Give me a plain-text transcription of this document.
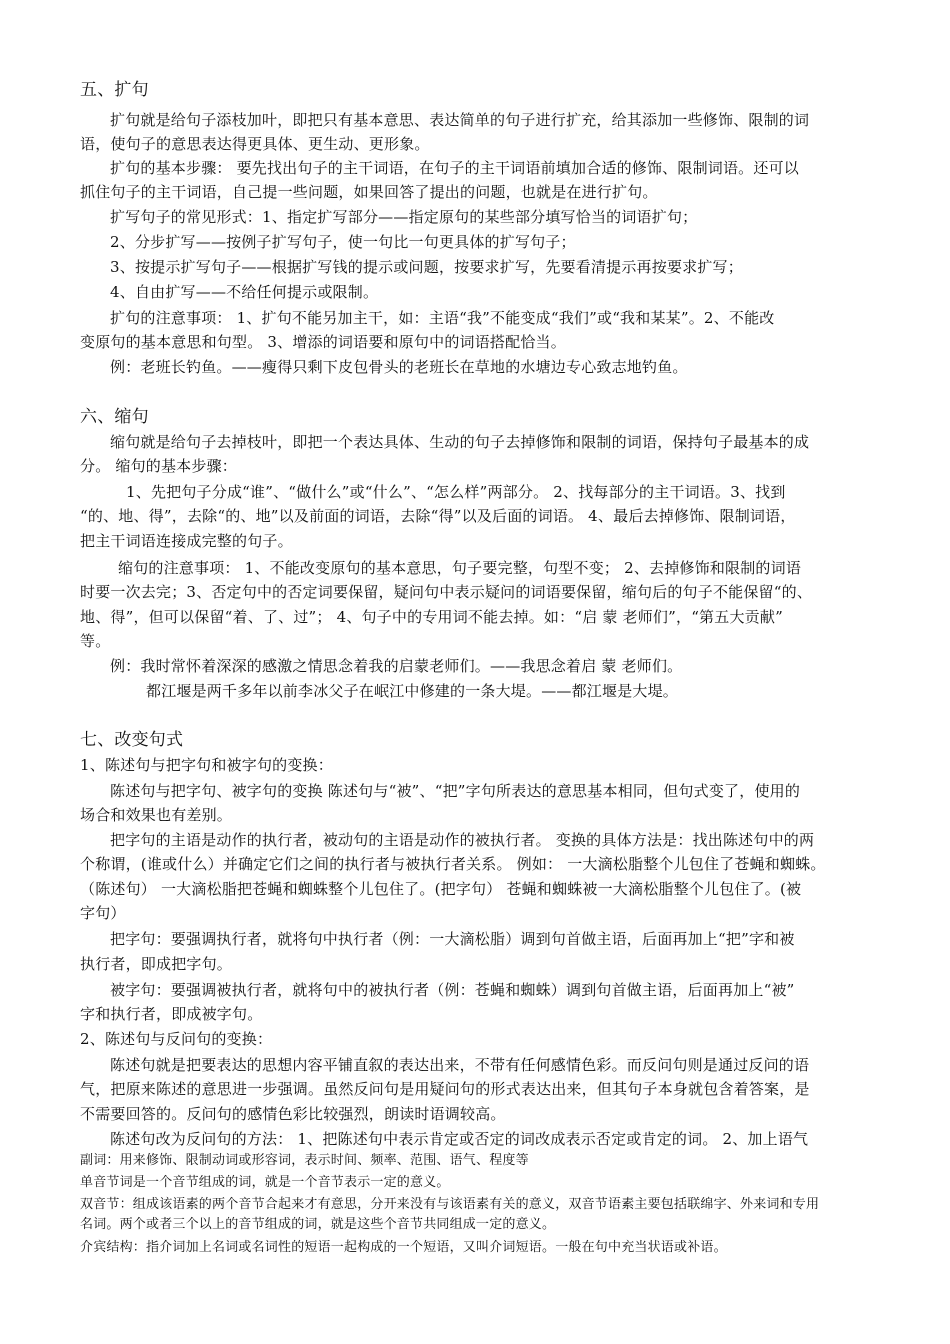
五、扩句
扩句就是给句子添枝加叶，即把只有基本意思、表达简单的句子进行扩充，给其添加一些修饰、限制的词
语，使句子的意思表达得更具体、更生动、更形象。
扩句的基本步骤： 要先找出句子的主干词语，在句子的主干词语前填加合适的修饰、限制词语。还可以
抓住句子的主干词语，自己提一些问题，如果回答了提出的问题，也就是在进行扩句。
扩写句子的常见形式：1、指定扩写部分——指定原句的某些部分填写恰当的词语扩句；
2、分步扩写——按例子扩写句子，使一句比一句更具体的扩写句子；
3、按提示扩写句子——根据扩写钱的提示或问题，按要求扩写，先要看清提示再按要求扩写；
4、自由扩写——不给任何提示或限制。
扩句的注意事项： 1、扩句不能另加主干，如：主语“我”不能变成“我们”或“我和某某”。2、不能改
变原句的基本意思和句型。 3、增添的词语要和原句中的词语搭配恰当。
例：老班长钓鱼。——瘦得只剩下皮包骨头的老班长在草地的水塘边专心致志地钓鱼。
六、缩句
缩句就是给句子去掉枝叶，即把一个表达具体、生动的句子去掉修饰和限制的词语，保持句子最基本的成
分。 缩句的基本步骤：
1、先把句子分成“谁”、“做什么”或“什么”、“怎么样”两部分。 2、找每部分的主干词语。3、找到
“的、地、得”，去除“的、地”以及前面的词语，去除“得”以及后面的词语。 4、最后去掉修饰、限制词语，
把主干词语连接成完整的句子。
缩句的注意事项： 1、不能改变原句的基本意思，句子要完整，句型不变； 2、去掉修饰和限制的词语
时要一次去完；3、否定句中的否定词要保留，疑问句中表示疑问的词语要保留，缩句后的句子不能保留“的、
地、得”，但可以保留“着、了、过”； 4、句子中的专用词不能去掉。如：“启 蒙 老师们”，“第五大贡献”
等。
例：我时常怀着深深的感激之情思念着我的启蒙老师们。——我思念着启 蒙 老师们。
都江堰是两千多年以前李冰父子在岷江中修建的一条大堤。——都江堰是大堤。
七、改变句式
1、陈述句与把字句和被字句的变换：
陈述句与把字句、被字句的变换 陈述句与“被”、“把”字句所表达的意思基本相同，但句式变了，使用的
场合和效果也有差别。
把字句的主语是动作的执行者，被动句的主语是动作的被执行者。 变换的具体方法是：找出陈述句中的两
个称谓，(谁或什么）并确定它们之间的执行者与被执行者关系。 例如： 一大滴松脂整个儿包住了苍蝇和蜘蛛。
（陈述句） 一大滴松脂把苍蝇和蜘蛛整个儿包住了。(把字句） 苍蝇和蜘蛛被一大滴松脂整个儿包住了。(被
字句）
把字句：要强调执行者，就将句中执行者（例：一大滴松脂）调到句首做主语，后面再加上“把”字和被
执行者，即成把字句。
被字句：要强调被执行者，就将句中的被执行者（例：苍蝇和蜘蛛）调到句首做主语，后面再加上“被”
字和执行者，即成被字句。
2、陈述句与反问句的变换：
陈述句就是把要表达的思想内容平铺直叙的表达出来，不带有任何感情色彩。而反问句则是通过反问的语
气，把原来陈述的意思进一步强调。虽然反问句是用疑问句的形式表达出来，但其句子本身就包含着答案，是
不需要回答的。反问句的感情色彩比较强烈，朗读时语调较高。
陈述句改为反问句的方法： 1、把陈述句中表示肯定或否定的词改成表示否定或肯定的词。 2、加上语气
副词：用来修饰、限制动词或形容词，表示时间、频率、范围、语气、程度等
单音节词是一个音节组成的词，就是一个音节表示一定的意义。
双音节：组成该语素的两个音节合起来才有意思，分开来没有与该语素有关的意义，双音节语素主要包括联绵字、外来词和专用
名词。两个或者三个以上的音节组成的词，就是这些个音节共同组成一定的意义。
介宾结构：指介词加上名词或名词性的短语一起构成的一个短语，又叫介词短语。一般在句中充当状语或补语。
